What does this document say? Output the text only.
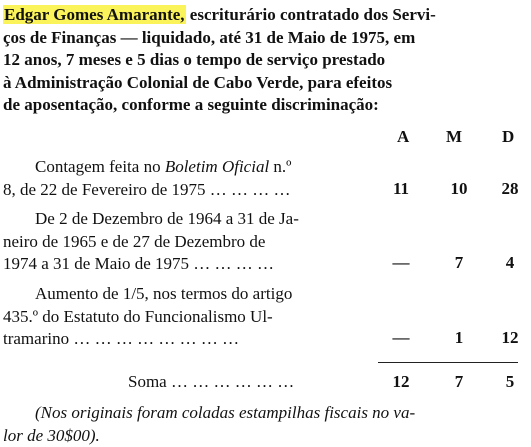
Edgar Gomes Amarante, escriturário contratado dos Servi-
ços de Finanças — liquidado, até 31 de Maio de 1975, em
12 anos, 7 meses e 5 dias o tempo de serviço prestado
à Administração Colonial de Cabo Verde, para efeitos
de aposentação, conforme a seguinte discriminação:
A M D
Contagem feita no Boletim Oficial n.º
8, de 22 de Fevereiro de 1975 … … … …	11	10	28
De 2 de Dezembro de 1964 a 31 de Ja-
neiro de 1965 e de 27 de Dezembro de
1974 a 31 de Maio de 1975 … … … …	—	7	4
Aumento de 1/5, nos termos do artigo
435.º do Estatuto do Funcionalismo Ul-
tramarino … … … … … … … …	—	1	12
Soma … … … … … …	12	7	5
(Nos originais foram coladas estampilhas fiscais no va-
lor de 30$00).
